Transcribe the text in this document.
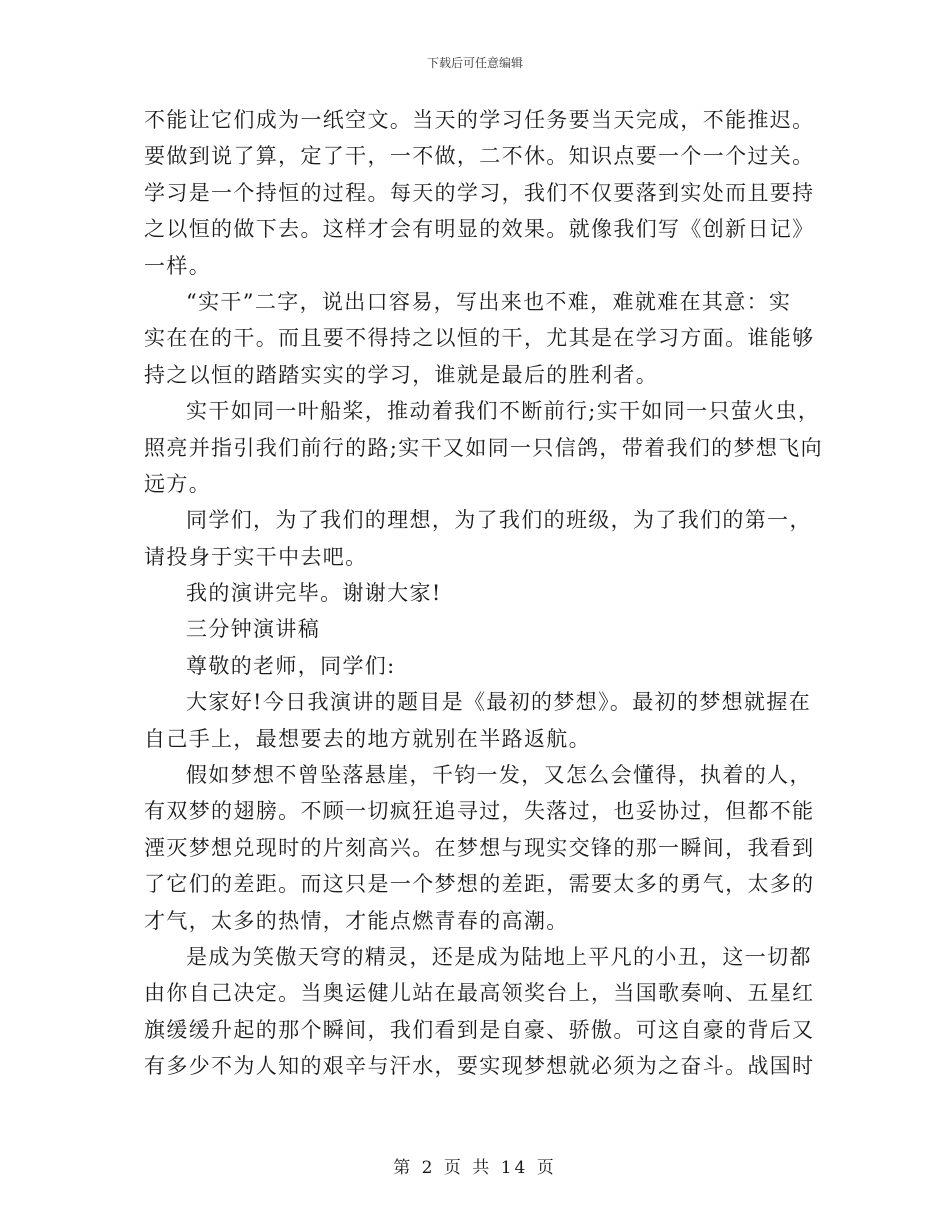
下载后可任意编辑
不能让它们成为一纸空文。当天的学习任务要当天完成，不能推迟。
要做到说了算，定了干，一不做，二不休。知识点要一个一个过关。
学习是一个持恒的过程。每天的学习，我们不仅要落到实处而且要持
之以恒的做下去。这样才会有明显的效果。就像我们写《创新日记》
一样。
“实干”二字，说出口容易，写出来也不难，难就难在其意：实
实在在的干。而且要不得持之以恒的干，尤其是在学习方面。谁能够
持之以恒的踏踏实实的学习，谁就是最后的胜利者。
实干如同一叶船桨，推动着我们不断前行;实干如同一只萤火虫，
照亮并指引我们前行的路;实干又如同一只信鸽，带着我们的梦想飞向
远方。
同学们，为了我们的理想，为了我们的班级，为了我们的第一，
请投身于实干中去吧。
我的演讲完毕。谢谢大家!
三分钟演讲稿
尊敬的老师，同学们:
大家好!今日我演讲的题目是《最初的梦想》。最初的梦想就握在
自己手上，最想要去的地方就别在半路返航。
假如梦想不曾坠落悬崖，千钧一发，又怎么会懂得，执着的人，
有双梦的翅膀。不顾一切疯狂追寻过，失落过，也妥协过，但都不能
湮灭梦想兑现时的片刻高兴。在梦想与现实交锋的那一瞬间，我看到
了它们的差距。而这只是一个梦想的差距，需要太多的勇气，太多的
才气，太多的热情，才能点燃青春的高潮。
是成为笑傲天穹的精灵，还是成为陆地上平凡的小丑，这一切都
由你自己决定。当奥运健儿站在最高领奖台上，当国歌奏响、五星红
旗缓缓升起的那个瞬间，我们看到是自豪、骄傲。可这自豪的背后又
有多少不为人知的艰辛与汗水，要实现梦想就必须为之奋斗。战国时
第 2 页 共 14 页
